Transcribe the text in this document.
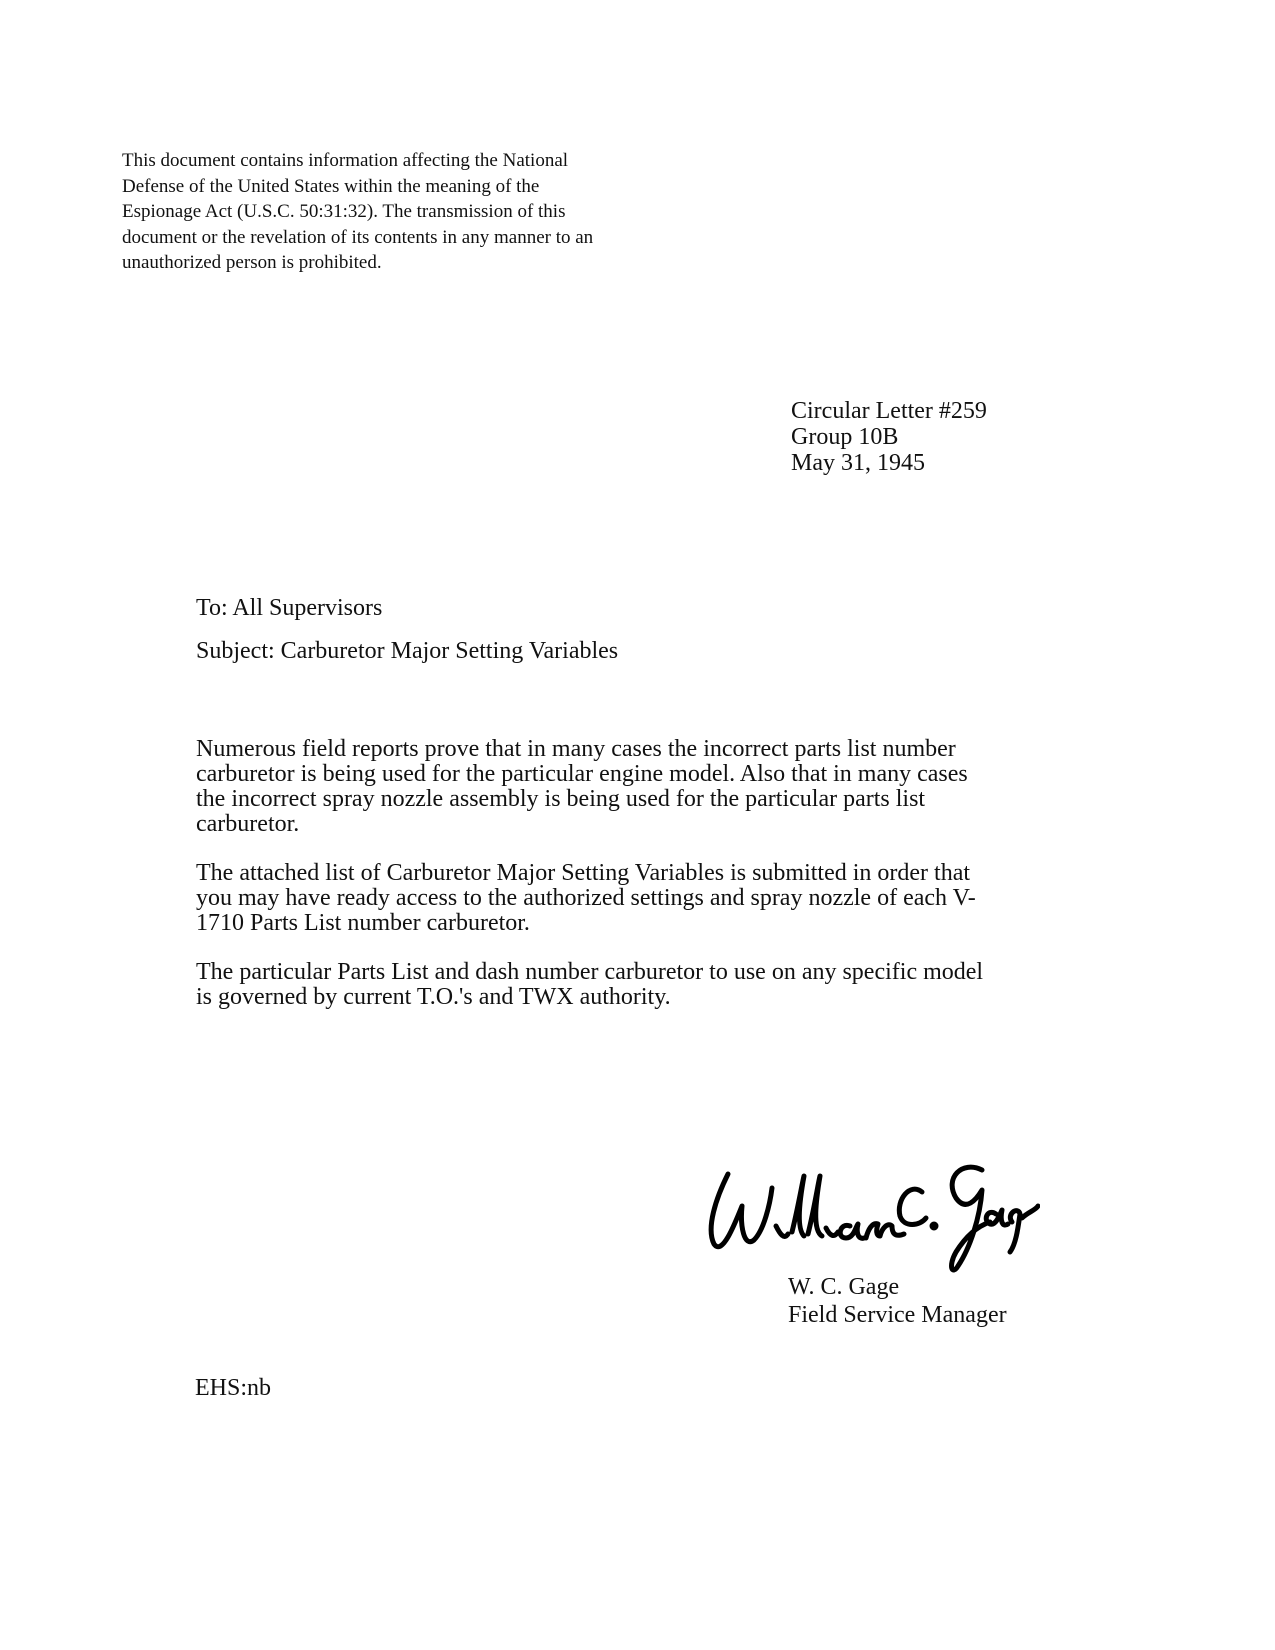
This document contains information affecting the National
Defense of the United States within the meaning of the
Espionage Act (U.S.C. 50:31:32). The transmission of this
document or the revelation of its contents in any manner to an
unauthorized person is prohibited.
Circular Letter #259
Group 10B
May 31, 1945
To: All Supervisors
Subject: Carburetor Major Setting Variables

Numerous field reports prove that in many cases the incorrect parts list number
carburetor is being used for the particular engine model. Also that in many cases
the incorrect spray nozzle assembly is being used for the particular parts list
carburetor.

The attached list of Carburetor Major Setting Variables is submitted in order that
you may have ready access to the authorized settings and spray nozzle of each V-
1710 Parts List number carburetor.

The particular Parts List and dash number carburetor to use on any specific model
is governed by current T.O.'s and TWX authority.

W. C. Gage
Field Service Manager
EHS:nb
